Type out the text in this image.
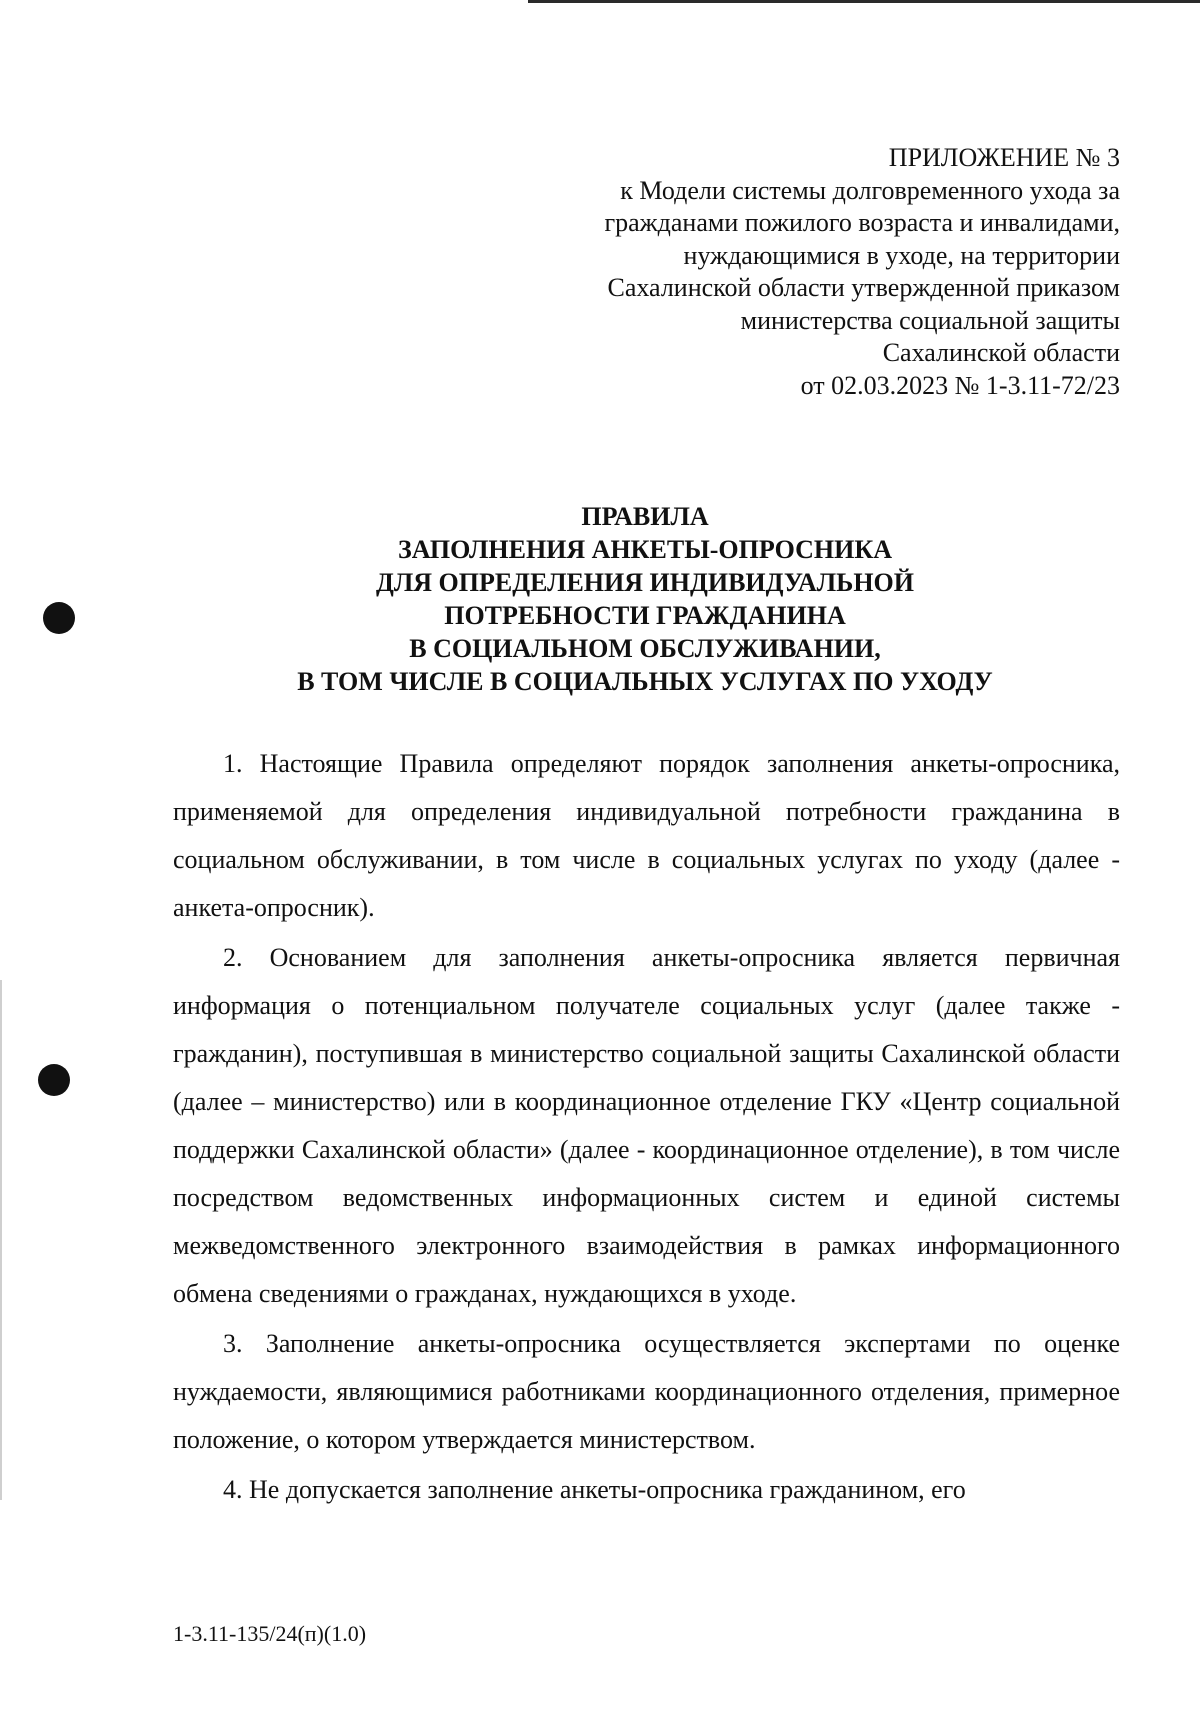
ПРИЛОЖЕНИЕ № 3
к Модели системы долговременного ухода за
гражданами пожилого возраста и инвалидами,
нуждающимися в уходе, на территории
Сахалинской области утвержденной приказом
министерства социальной защиты
Сахалинской области
от 02.03.2023 № 1-3.11-72/23
ПРАВИЛА
ЗАПОЛНЕНИЯ АНКЕТЫ-ОПРОСНИКА
ДЛЯ ОПРЕДЕЛЕНИЯ ИНДИВИДУАЛЬНОЙ
ПОТРЕБНОСТИ ГРАЖДАНИНА
В СОЦИАЛЬНОМ ОБСЛУЖИВАНИИ,
В ТОМ ЧИСЛЕ В СОЦИАЛЬНЫХ УСЛУГАХ ПО УХОДУ

1. Настоящие Правила определяют порядок заполнения анкеты-опросника, применяемой для определения индивидуальной потребности гражданина в социальном обслуживании, в том числе в социальных услугах по уходу (далее - анкета-опросник).

2. Основанием для заполнения анкеты-опросника является первичная информация о потенциальном получателе социальных услуг (далее также - гражданин), поступившая в министерство социальной защиты Сахалинской области (далее – министерство) или в координационное отделение ГКУ «Центр социальной поддержки Сахалинской области» (далее - координационное отделение), в том числе посредством ведомственных информационных систем и единой системы межведомственного электронного взаимодействия в рамках информационного обмена сведениями о гражданах, нуждающихся в уходе.

3. Заполнение анкеты-опросника осуществляется экспертами по оценке нуждаемости, являющимися работниками координационного отделения, примерное положение, о котором утверждается министерством.

4. Не допускается заполнение анкеты-опросника гражданином, его

1-3.11-135/24(п)(1.0)
